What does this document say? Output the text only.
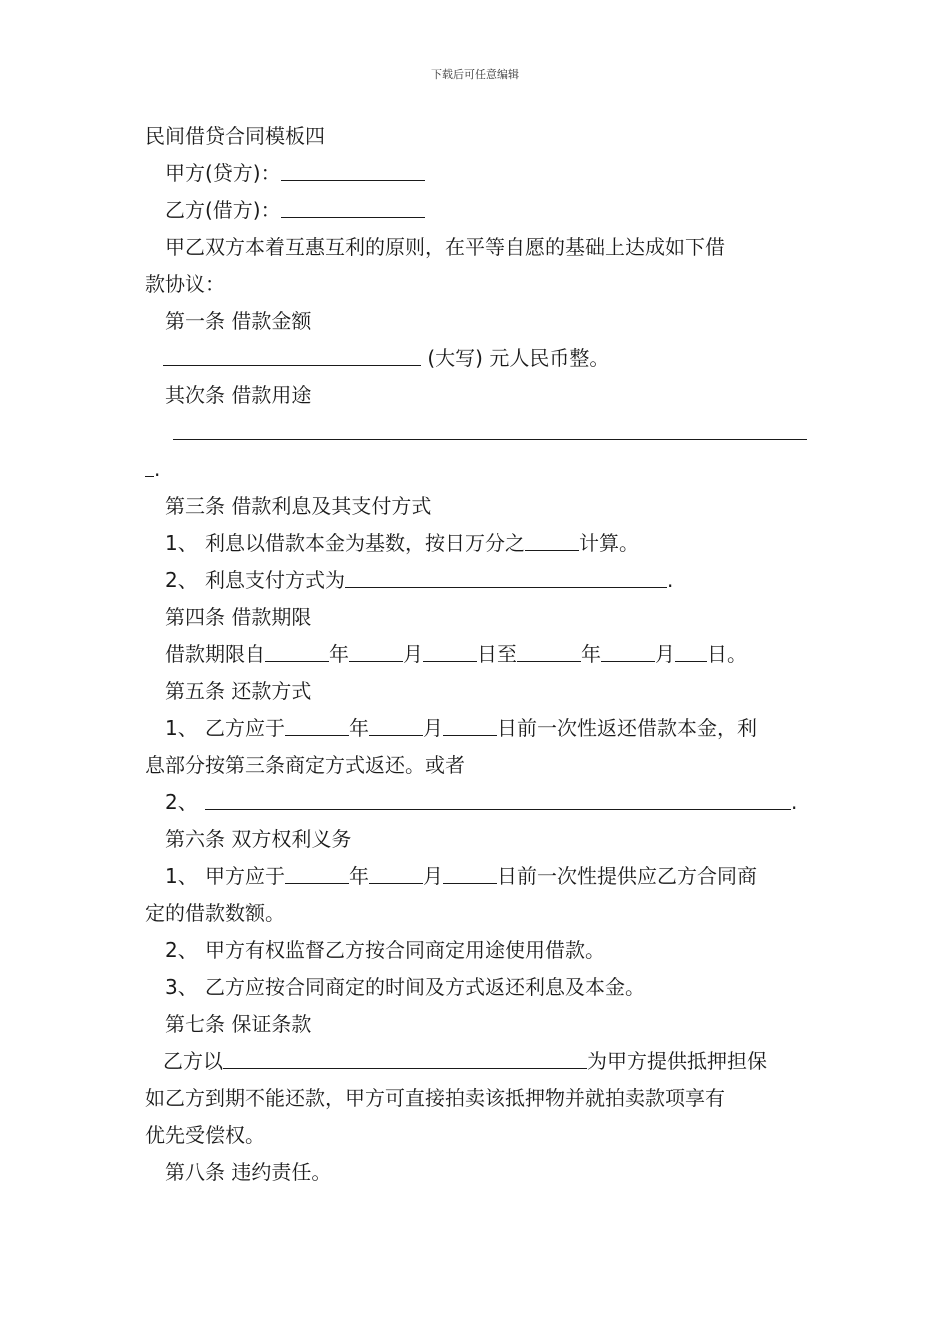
下载后可任意编辑
民间借贷合同模板四
甲方(贷方)：
乙方(借方)：
甲乙双方本着互惠互利的原则，在平等自愿的基础上达成如下借
款协议：
第一条 借款金额
(大写) 元人民币整。
其次条 借款用途
.
第三条 借款利息及其支付方式
1、 利息以借款本金为基数，按日万分之	计算。
2、 利息支付方式为	.
第四条 借款期限
借款期限自	年	月	日至	年	月 日。
第五条 还款方式
1、 乙方应于	年	月	日前一次性返还借款本金，利
息部分按第三条商定方式返还。或者
2、	.
第六条 双方权利义务
1、 甲方应于	年	月	日前一次性提供应乙方合同商
定的借款数额。
2、 甲方有权监督乙方按合同商定用途使用借款。
3、 乙方应按合同商定的时间及方式返还利息及本金。
第七条 保证条款
乙方以	为甲方提供抵押担保
如乙方到期不能还款，甲方可直接拍卖该抵押物并就拍卖款项享有
优先受偿权。
第八条 违约责任。
